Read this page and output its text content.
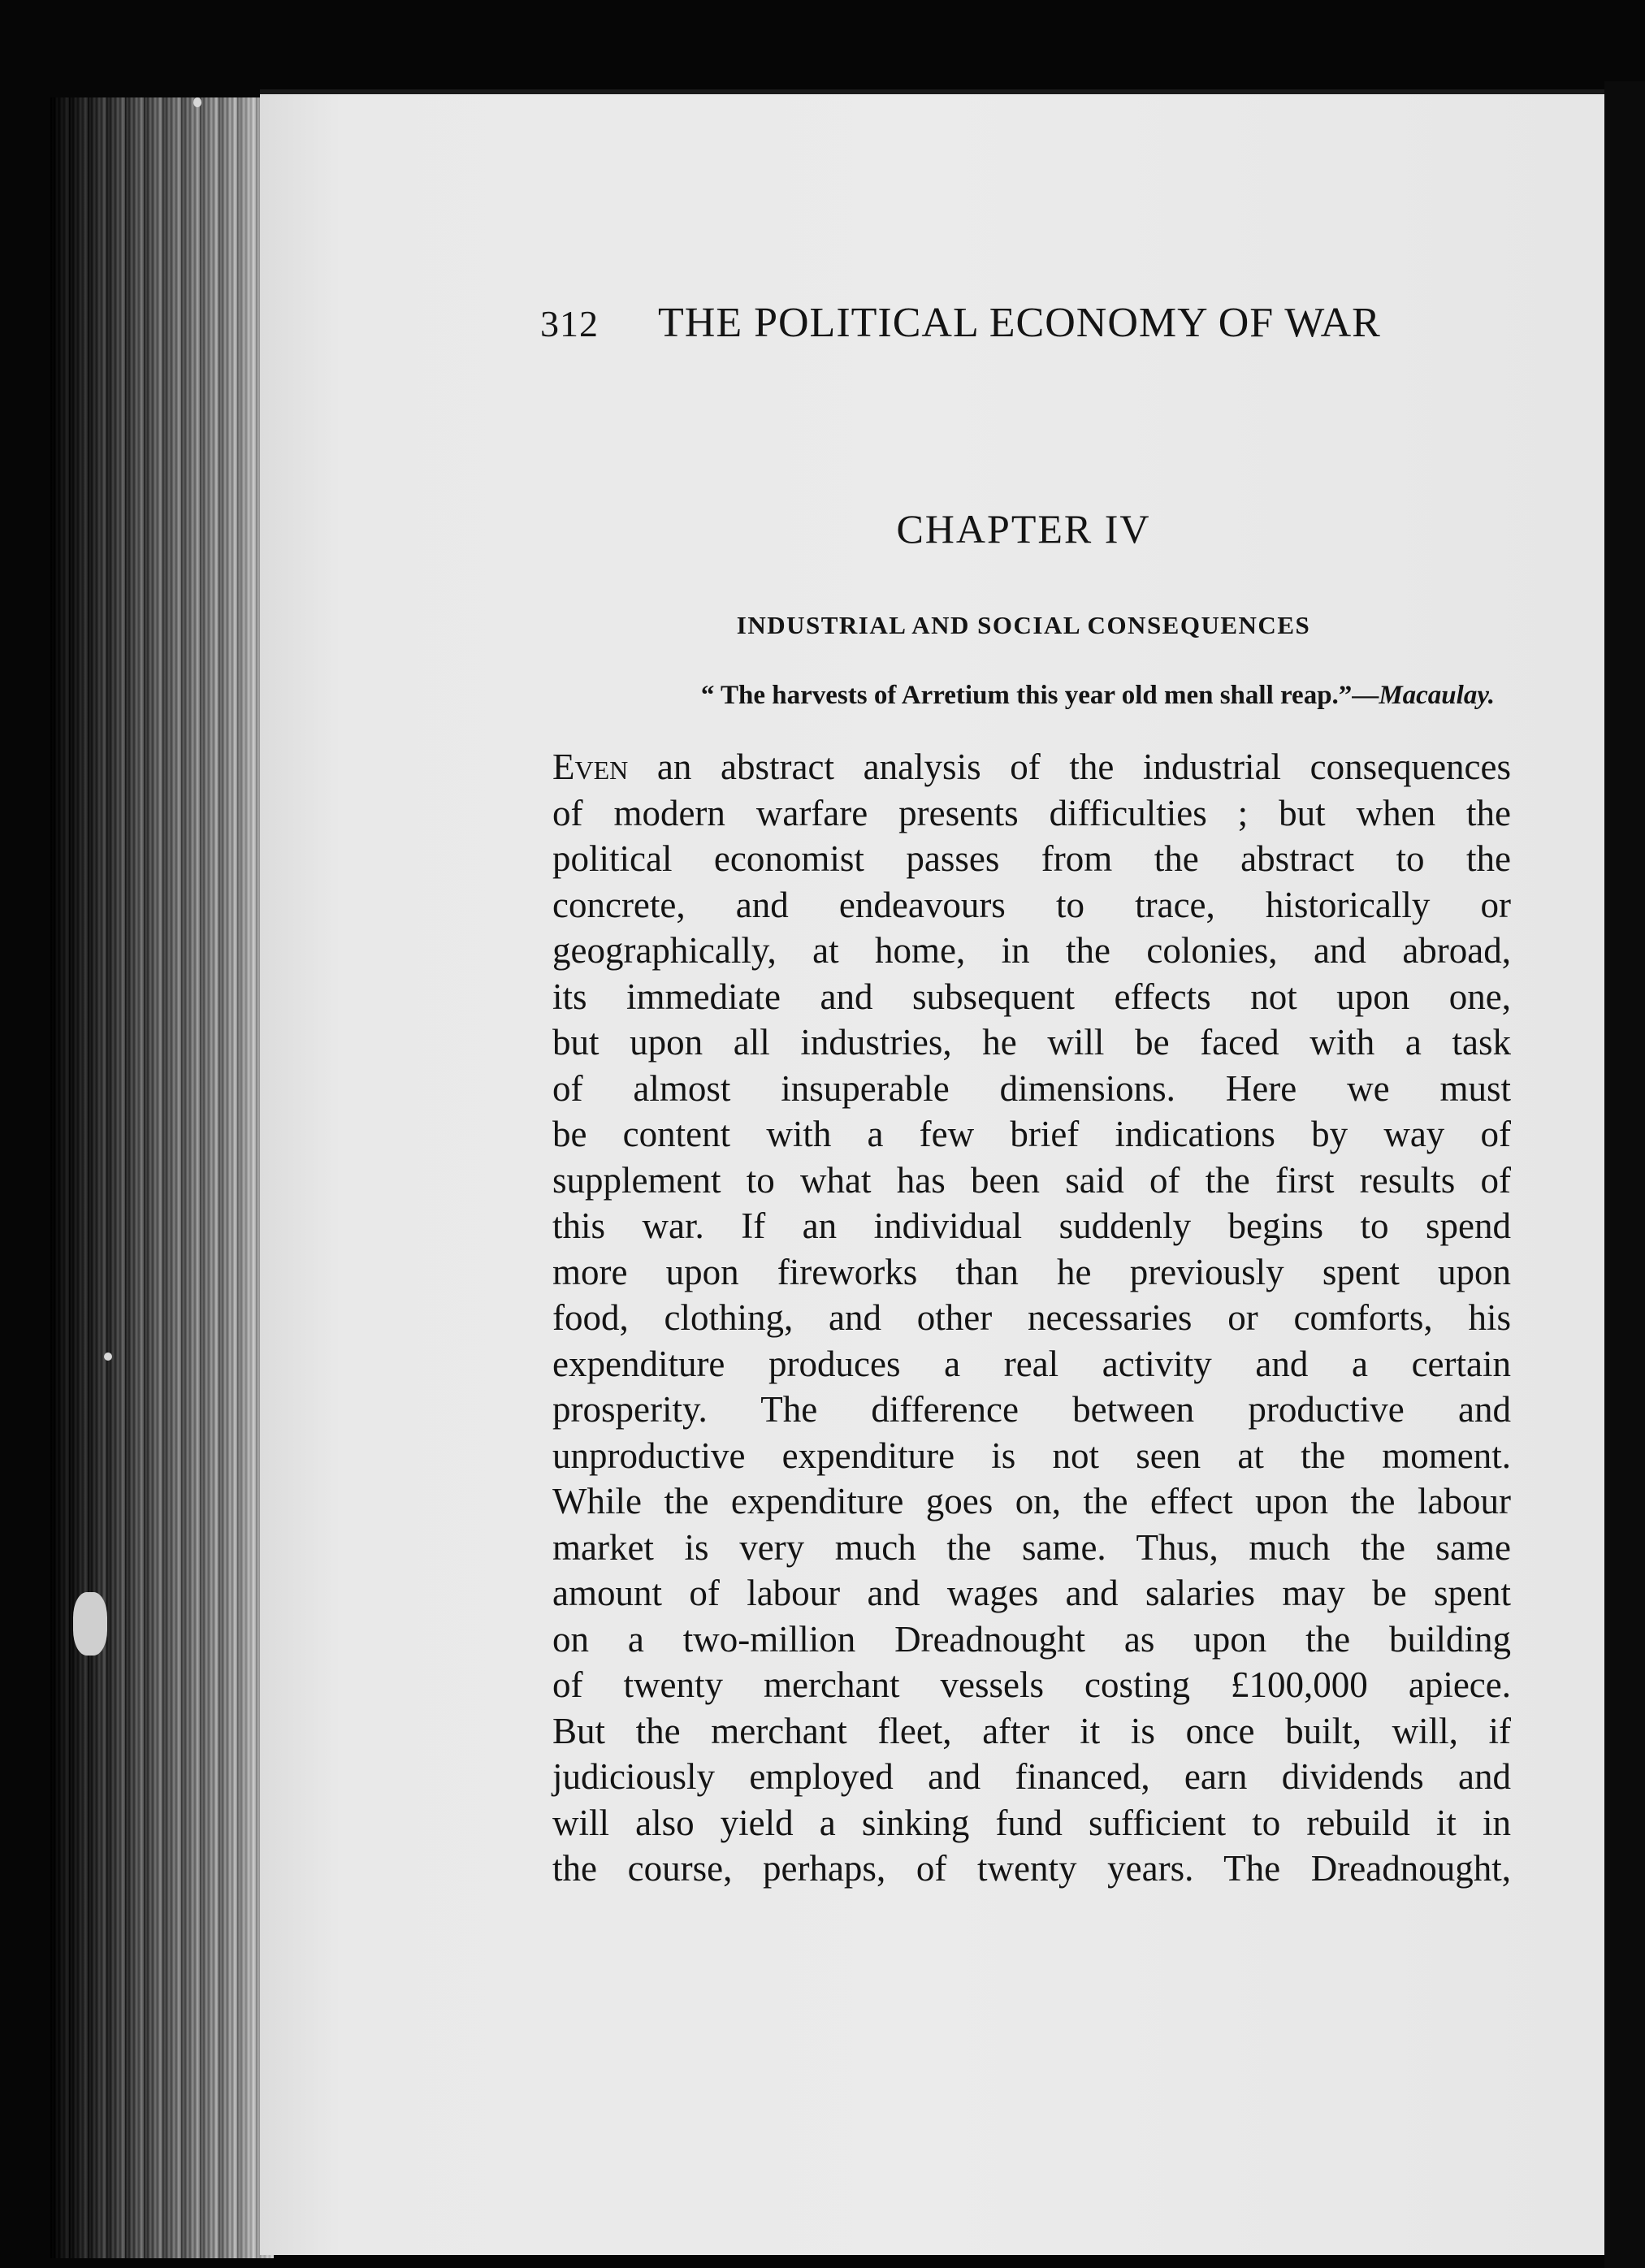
312 THE POLITICAL ECONOMY OF WAR
CHAPTER IV
INDUSTRIAL AND SOCIAL CONSEQUENCES
“ The harvests of Arretium this year old men shall reap.”—Macaulay.
Even an abstract analysis of the industrial consequences
of modern warfare presents difficulties ; but when the
political economist passes from the abstract to the
concrete, and endeavours to trace, historically or
geographically, at home, in the colonies, and abroad,
its immediate and subsequent effects not upon one,
but upon all industries, he will be faced with a task
of almost insuperable dimensions. Here we must
be content with a few brief indications by way of
supplement to what has been said of the first results of
this war. If an individual suddenly begins to spend
more upon fireworks than he previously spent upon
food, clothing, and other necessaries or comforts, his
expenditure produces a real activity and a certain
prosperity. The difference between productive and
unproductive expenditure is not seen at the moment.
While the expenditure goes on, the effect upon the labour
market is very much the same. Thus, much the same
amount of labour and wages and salaries may be spent
on a two-million Dreadnought as upon the building
of twenty merchant vessels costing £100,000 apiece.
But the merchant fleet, after it is once built, will, if
judiciously employed and financed, earn dividends and
will also yield a sinking fund sufficient to rebuild it in
the course, perhaps, of twenty years. The Dreadnought,
